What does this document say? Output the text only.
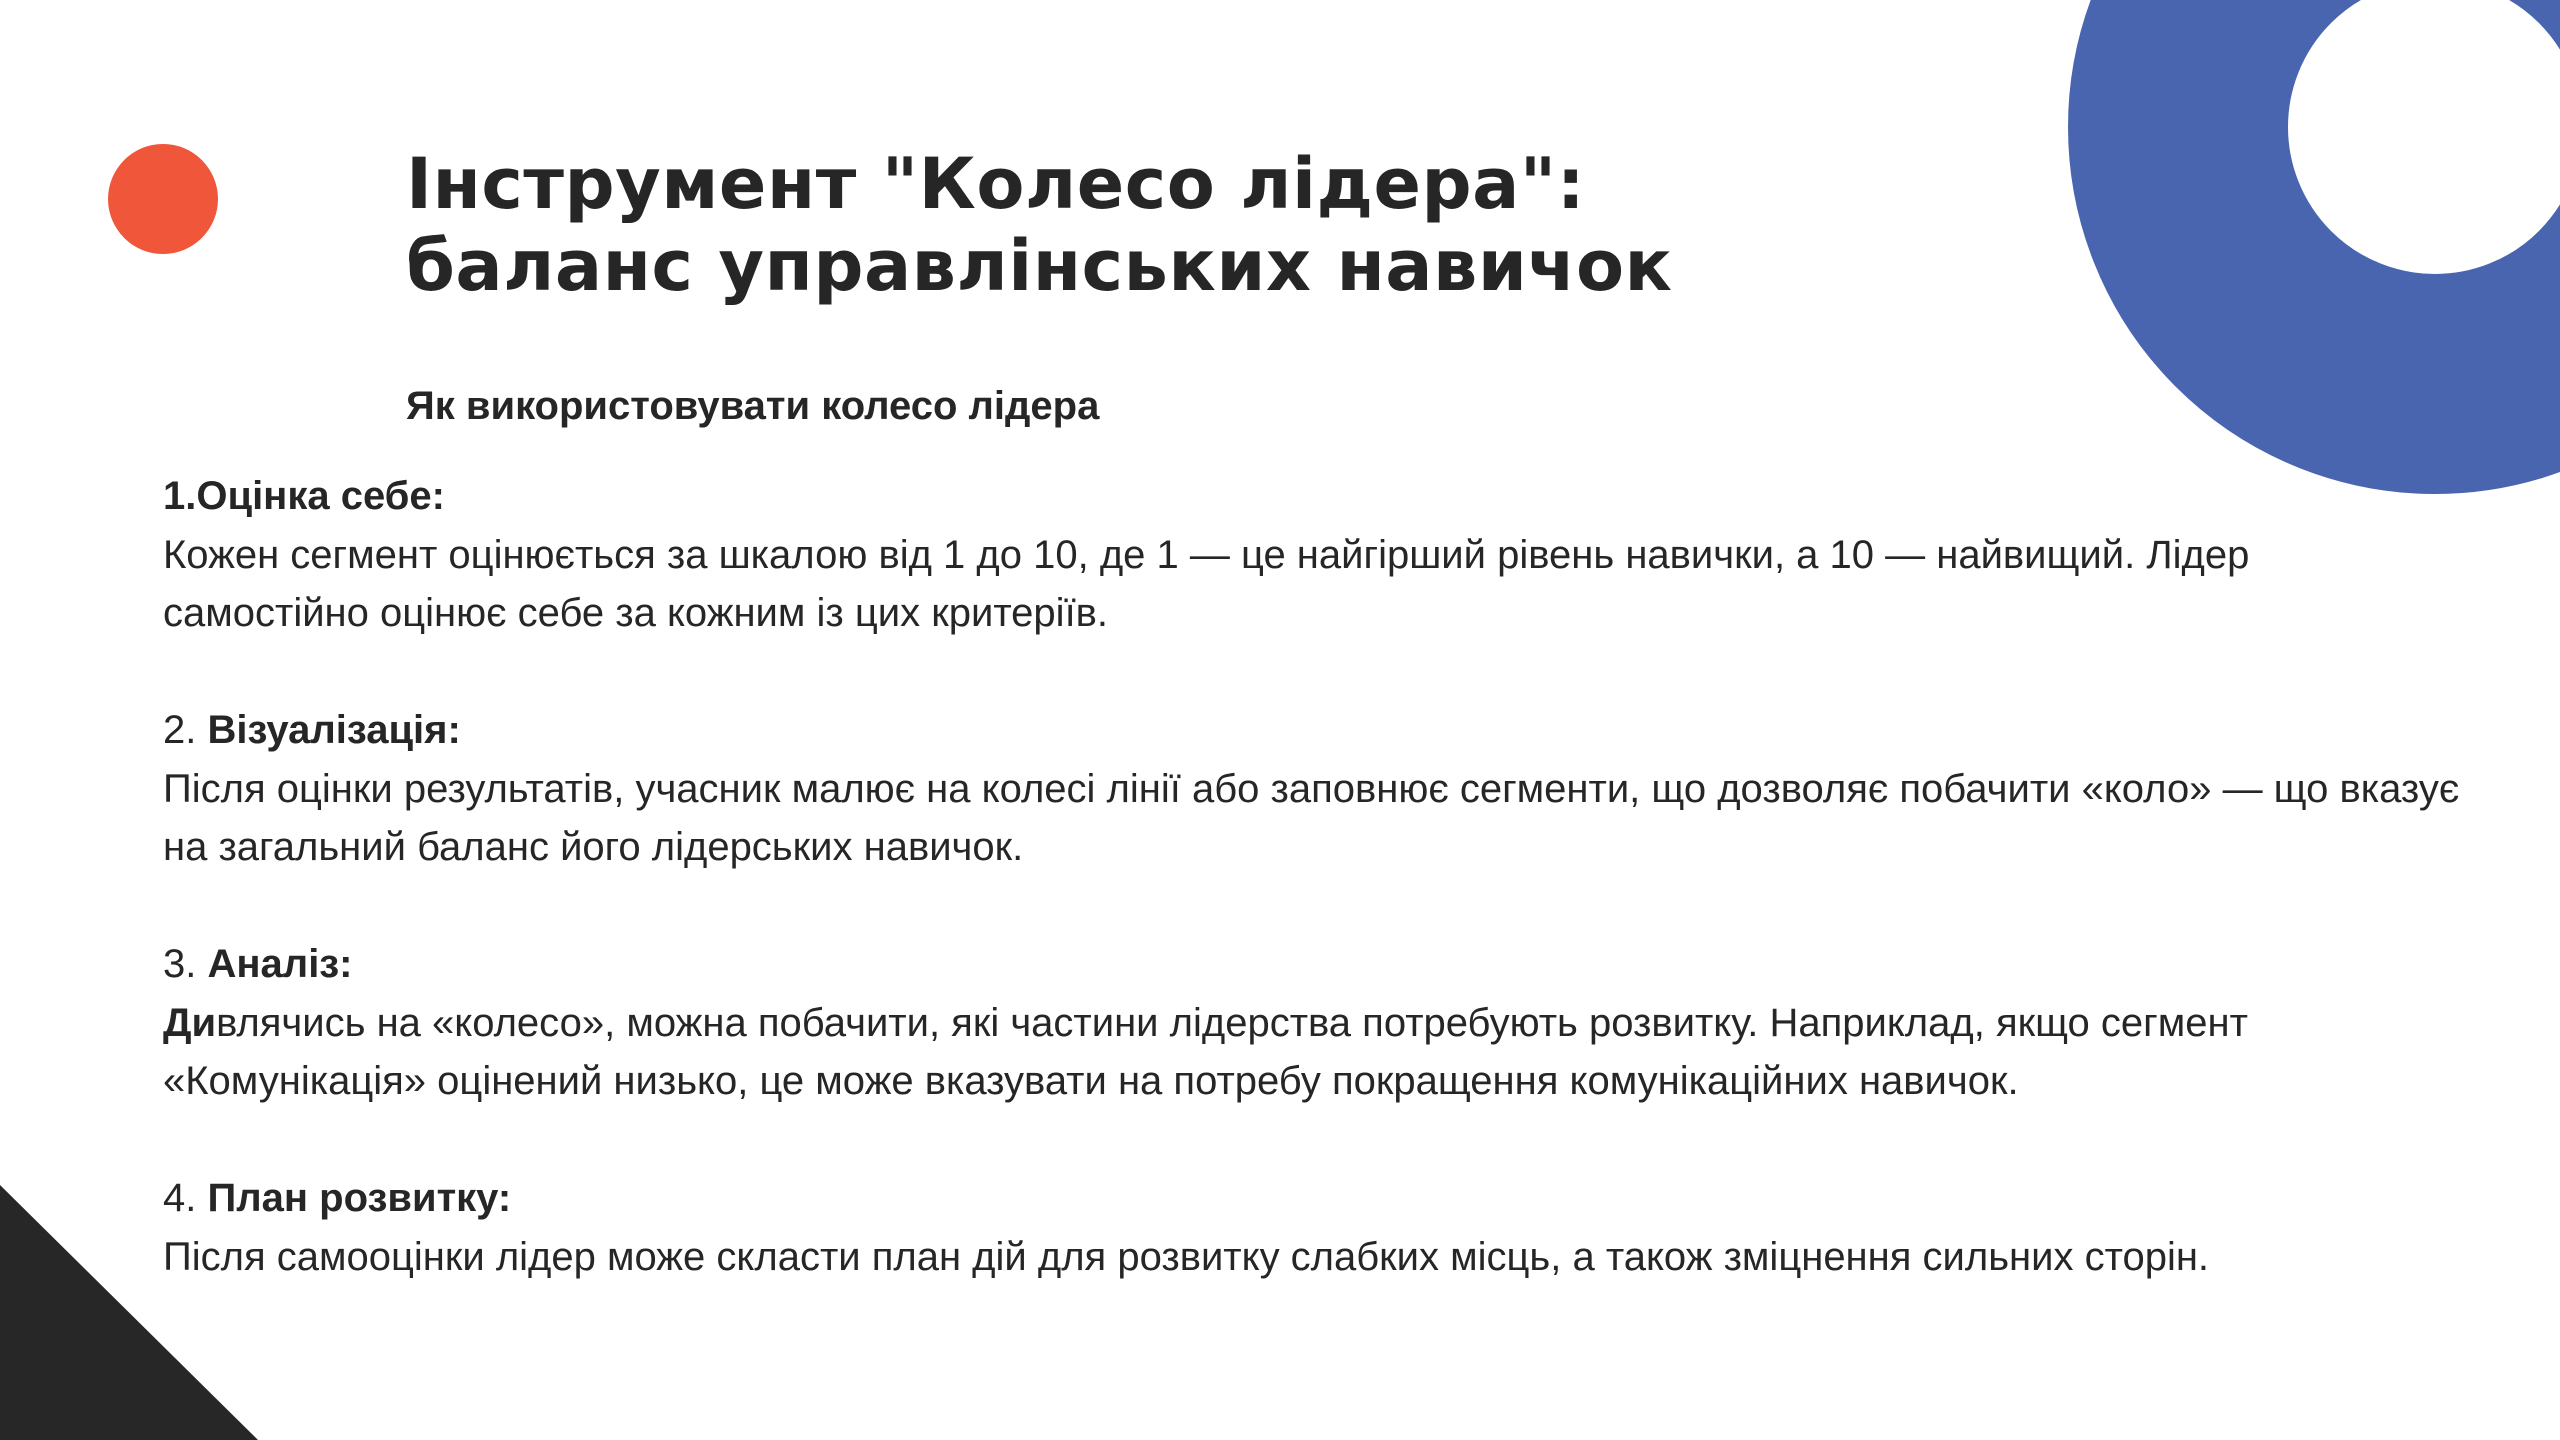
Інструмент "Колесо лідера":
баланс управлінських навичок
Як використовувати колесо лідера
1.Оцінка себе:
Кожен сегмент оцінюється за шкалою від 1 до 10, де 1 — це найгірший рівень навички, а 10 — найвищий. Лідер самостійно оцінює себе за кожним із цих критеріїв.
2. Візуалізація:
Після оцінки результатів, учасник малює на колесі лінії або заповнює сегменти, що дозволяє побачити «коло» — що вказує на загальний баланс його лідерських навичок.
3. Аналіз:
Дивлячись на «колесо», можна побачити, які частини лідерства потребують розвитку. Наприклад, якщо сегмент «Комунікація» оцінений низько, це може вказувати на потребу покращення комунікаційних навичок.
4. План розвитку:
Після самооцінки лідер може скласти план дій для розвитку слабких місць, а також зміцнення сильних сторін.
